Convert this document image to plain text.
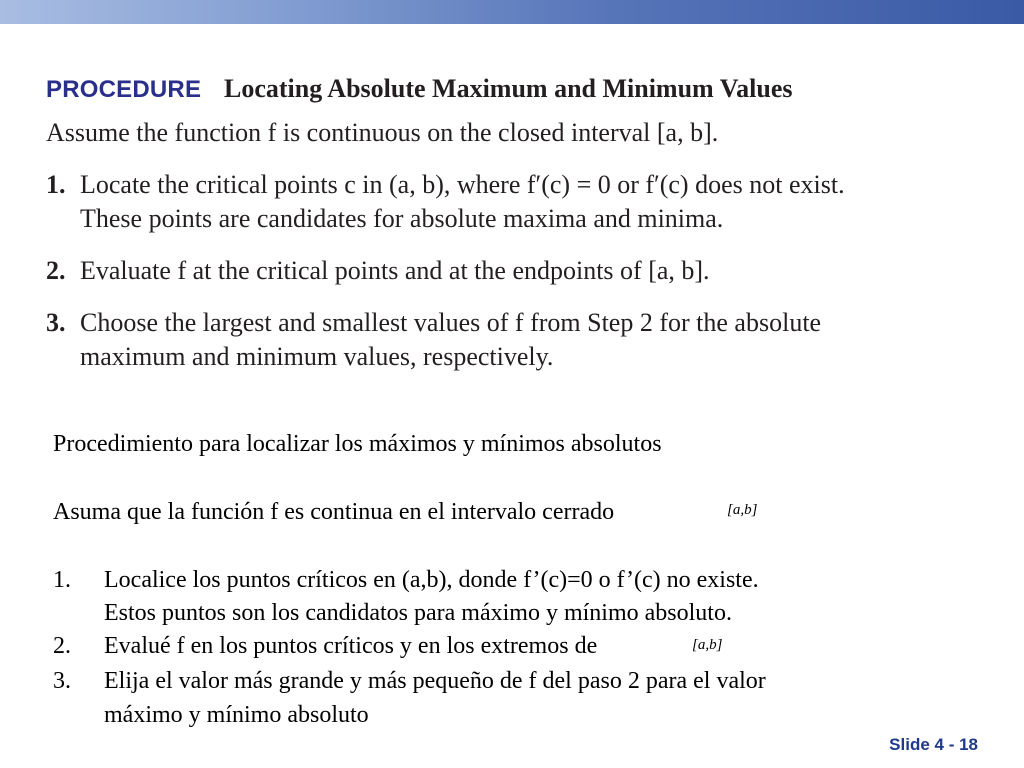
PROCEDURE Locating Absolute Maximum and Minimum Values
Assume the function f is continuous on the closed interval [a, b].
1. Locate the critical points c in (a, b), where f′(c) = 0 or f′(c) does not exist.
These points are candidates for absolute maxima and minima.
2. Evaluate f at the critical points and at the endpoints of [a, b].
3. Choose the largest and smallest values of f from Step 2 for the absolute
maximum and minimum values, respectively.
Procedimiento para localizar los máximos y mínimos absolutos
Asuma que la función f es continua en el intervalo cerrado	[a,b]
1. Localice los puntos críticos en (a,b), donde f’(c)=0 o f’(c) no existe.
Estos puntos son los candidatos para máximo y mínimo absoluto.
2. Evalué f en los puntos críticos y en los extremos de	[a,b]
3. Elija el valor más grande y más pequeño de f del paso 2 para el valor
máximo y mínimo absoluto
Slide 4 - 18
